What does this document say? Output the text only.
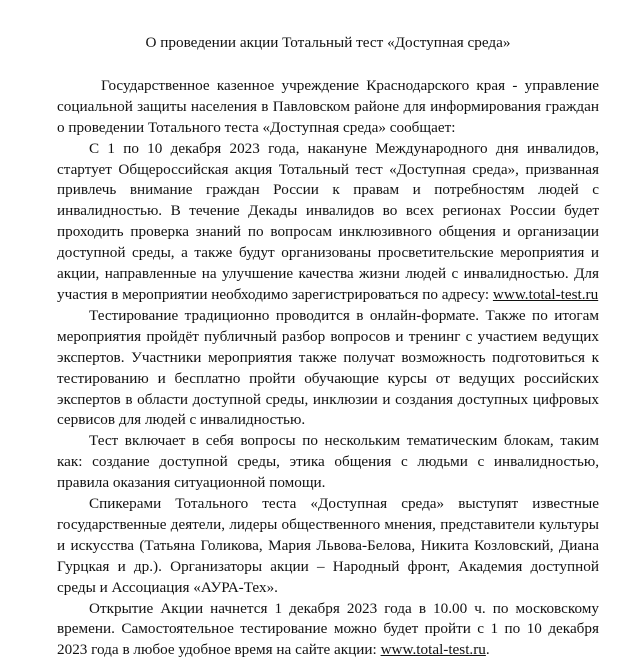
О проведении акции Тотальный тест «Доступная среда»

Государственное казенное учреждение Краснодарского края - управление социальной защиты населения в Павловском районе для информирования граждан о проведении Тотального теста «Доступная среда» сообщает:

С 1 по 10 декабря 2023 года, накануне Международного дня инвалидов, стартует Общероссийская акция Тотальный тест «Доступная среда», призванная привлечь внимание граждан России к правам и потребностям людей с инвалидностью. В течение Декады инвалидов во всех регионах России будет проходить проверка знаний по вопросам инклюзивного общения и организации доступной среды, а также будут организованы просветительские мероприятия и акции, направленные на улучшение качества жизни людей с инвалидностью. Для участия в мероприятии необходимо зарегистрироваться по адресу: www.total-test.ru

Тестирование традиционно проводится в онлайн-формате. Также по итогам мероприятия пройдёт публичный разбор вопросов и тренинг с участием ведущих экспертов. Участники мероприятия также получат возможность подготовиться к тестированию и бесплатно пройти обучающие курсы от ведущих российских экспертов в области доступной среды, инклюзии и создания доступных цифровых сервисов для людей с инвалидностью.

Тест включает в себя вопросы по нескольким тематическим блокам, таким как: создание доступной среды, этика общения с людьми с инвалидностью, правила оказания ситуационной помощи.

Спикерами Тотального теста «Доступная среда» выступят известные государственные деятели, лидеры общественного мнения, представители культуры и искусства (Татьяна Голикова, Мария Львова-Белова, Никита Козловский, Диана Гурцкая и др.). Организаторы акции – Народный фронт, Академия доступной среды и Ассоциация «АУРА-Тех».

Открытие Акции начнется 1 декабря 2023 года в 10.00 ч. по московскому времени. Самостоятельное тестирование можно будет пройти с 1 по 10 декабря 2023 года в любое удобное время на сайте акции: www.total-test.ru.
